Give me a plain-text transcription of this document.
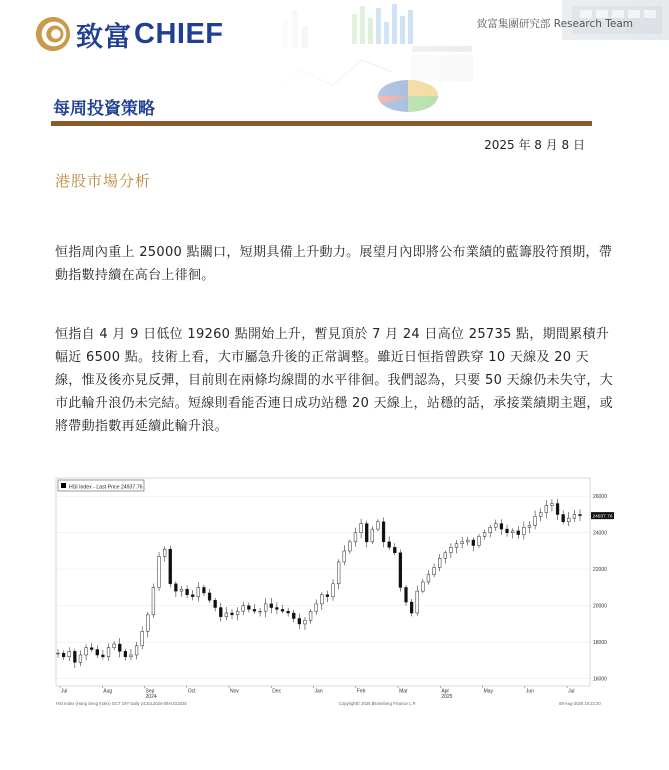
致富 CHIEF	致富集團研究部 Research Team
每周投資策略
2025 年 8 月 8 日
港股市場分析

恒指周內重上 25000 點關口，短期具備上升動力。展望月內即將公布業績的藍籌股符預期，帶動指數持續在高台上徘徊。

恒指自 4 月 9 日低位 19260 點開始上升，暫見頂於 7 月 24 日高位 25735 點，期間累積升幅近 6500 點。技術上看，大市屬急升後的正常調整。雖近日恒指曾跌穿 10 天線及 20 天線，惟及後亦見反彈，目前則在兩條均線間的水平徘徊。我們認為，只要 50 天線仍未失守，大市此輪升浪仍未完結。短線則看能否連日成功站穩 20 天線上，站穩的話，承接業績期主題，或將帶動指數再延續此輪升浪。

HSI Index - Last Price 24937.76
26000
24000
22000
20000
18000
16000
24937.76
Jul	Aug	Sep	Oct	Nov	Dec	Jan	Feb	Mar	Apr	May	Jun	Jul
2024	2025
HSI Index (Hang Seng Index) GCT 19Y Daily 24JUL2024-08AUG2025	Copyright© 2025 Bloomberg Finance L.P.	08-Aug-2025 16:22:20
